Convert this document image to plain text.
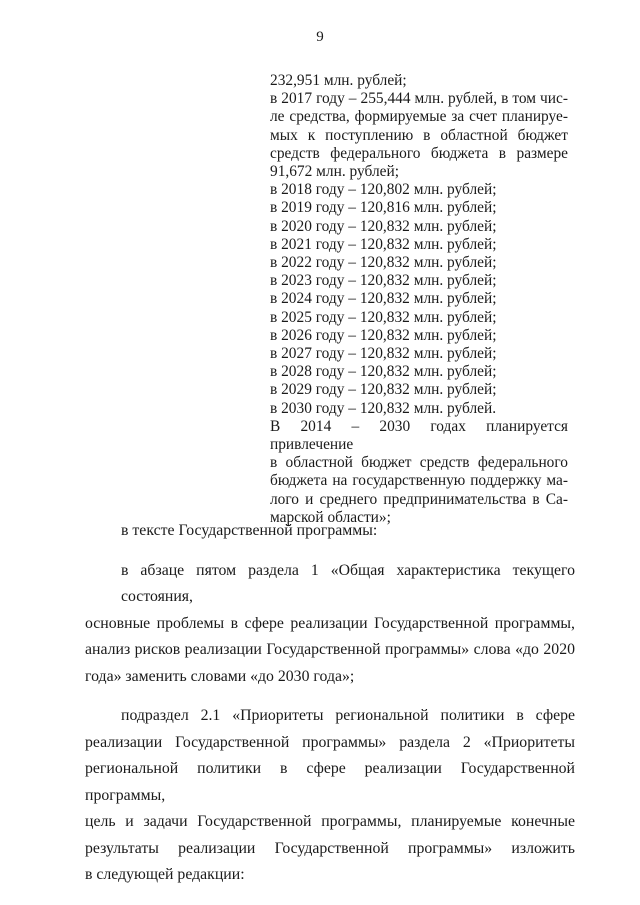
9
232,951 млн. рублей;
в 2017 году – 255,444 млн. рублей, в том чис-
ле средства, формируемые за счет планируе-
мых к поступлению в областной бюджет
средств федерального бюджета в размере
91,672 млн. рублей;
в 2018 году – 120,802 млн. рублей;
в 2019 году – 120,816 млн. рублей;
в 2020 году – 120,832 млн. рублей;
в 2021 году – 120,832 млн. рублей;
в 2022 году – 120,832 млн. рублей;
в 2023 году – 120,832 млн. рублей;
в 2024 году – 120,832 млн. рублей;
в 2025 году – 120,832 млн. рублей;
в 2026 году – 120,832 млн. рублей;
в 2027 году – 120,832 млн. рублей;
в 2028 году – 120,832 млн. рублей;
в 2029 году – 120,832 млн. рублей;
в 2030 году – 120,832 млн. рублей.
В 2014 – 2030 годах планируется привлечение
в областной бюджет средств федерального
бюджета на государственную поддержку ма-
лого и среднего предпринимательства в Са-
марской области»;
в тексте Государственной программы:
в абзаце пятом раздела 1 «Общая характеристика текущего состояния,
основные проблемы в сфере реализации Государственной программы,
анализ рисков реализации Государственной программы» слова «до 2020
года» заменить словами «до 2030 года»;
подраздел 2.1 «Приоритеты региональной политики в сфере
реализации Государственной программы» раздела 2 «Приоритеты
региональной политики в сфере реализации Государственной программы,
цель и задачи Государственной программы, планируемые конечные
результаты реализации Государственной программы» изложить
в следующей редакции:
